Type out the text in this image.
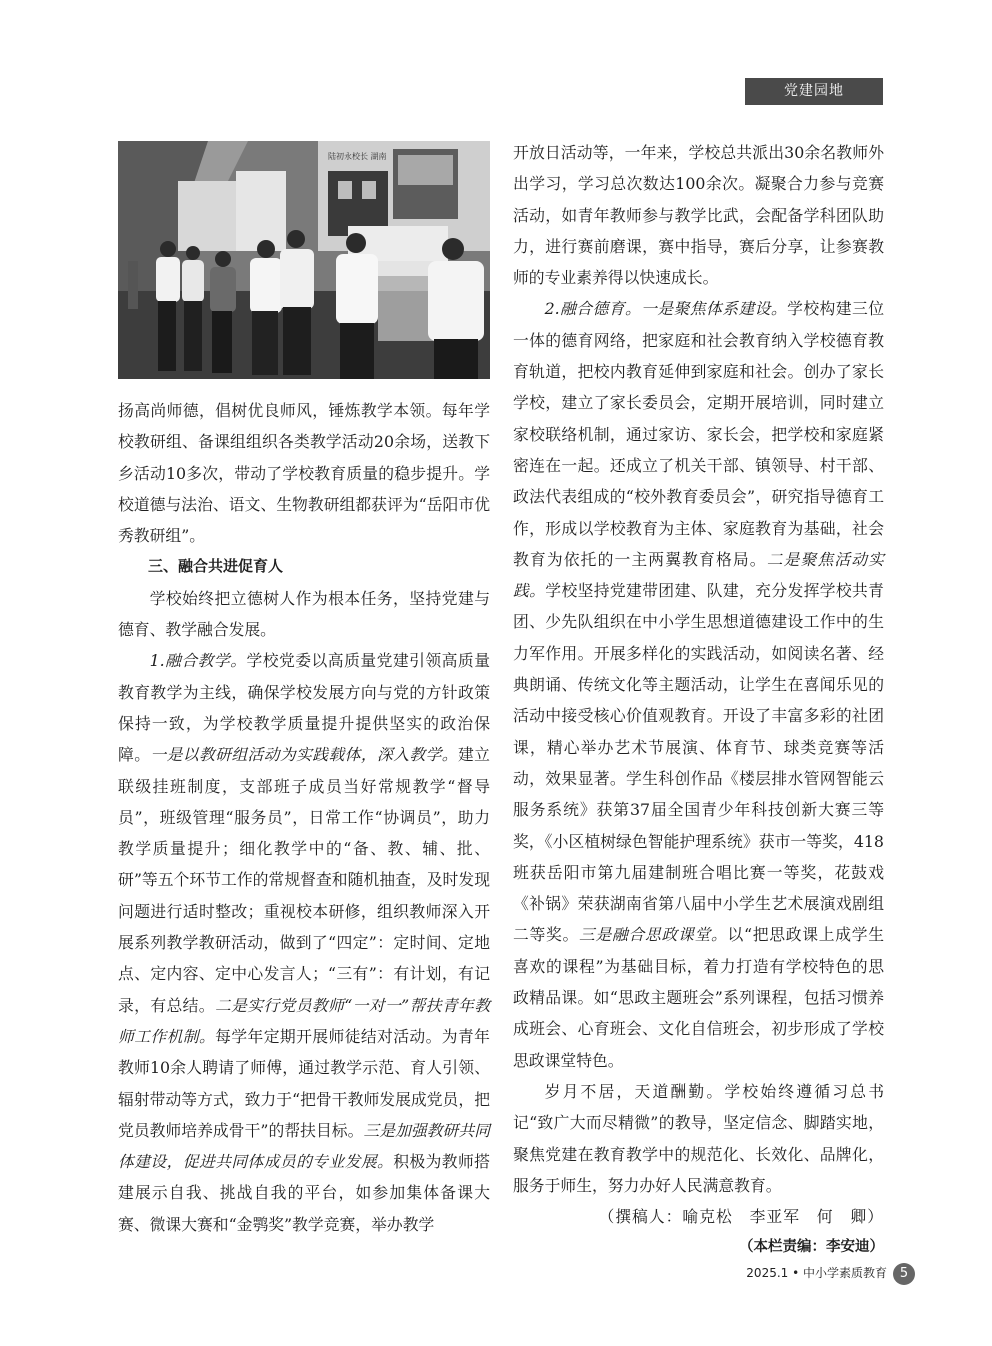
党建园地
陆初永校长 湖南

扬高尚师德，倡树优良师风，锤炼教学本领。每年学校教研组、备课组组织各类教学活动20余场，送教下乡活动10多次，带动了学校教育质量的稳步提升。学校道德与法治、语文、生物教研组都获评为“岳阳市优秀教研组”。

三、融合共进促育人

学校始终把立德树人作为根本任务，坚持党建与德育、教学融合发展。

1.融合教学。学校党委以高质量党建引领高质量教育教学为主线，确保学校发展方向与党的方针政策保持一致，为学校教学质量提升提供坚实的政治保障。一是以教研组活动为实践载体，深入教学。建立联级挂班制度，支部班子成员当好常规教学“督导员”，班级管理“服务员”，日常工作“协调员”，助力教学质量提升；细化教学中的“备、教、辅、批、研”等五个环节工作的常规督查和随机抽查，及时发现问题进行适时整改；重视校本研修，组织教师深入开展系列教学教研活动，做到了“四定”：定时间、定地点、定内容、定中心发言人；“三有”：有计划，有记录，有总结。二是实行党员教师“一对一”帮扶青年教师工作机制。每学年定期开展师徒结对活动。为青年教师10余人聘请了师傅，通过教学示范、育人引领、辐射带动等方式，致力于“把骨干教师发展成党员，把党员教师培养成骨干”的帮扶目标。三是加强教研共同体建设，促进共同体成员的专业发展。积极为教师搭建展示自我、挑战自我的平台，如参加集体备课大赛、微课大赛和“金鹗奖”教学竞赛，举办教学

开放日活动等，一年来，学校总共派出30余名教师外出学习，学习总次数达100余次。凝聚合力参与竞赛活动，如青年教师参与教学比武，会配备学科团队助力，进行赛前磨课，赛中指导，赛后分享，让参赛教师的专业素养得以快速成长。

2.融合德育。一是聚焦体系建设。学校构建三位一体的德育网络，把家庭和社会教育纳入学校德育教育轨道，把校内教育延伸到家庭和社会。创办了家长学校，建立了家长委员会，定期开展培训，同时建立家校联络机制，通过家访、家长会，把学校和家庭紧密连在一起。还成立了机关干部、镇领导、村干部、政法代表组成的“校外教育委员会”，研究指导德育工作，形成以学校教育为主体、家庭教育为基础，社会教育为依托的一主两翼教育格局。二是聚焦活动实践。学校坚持党建带团建、队建，充分发挥学校共青团、少先队组织在中小学生思想道德建设工作中的生力军作用。开展多样化的实践活动，如阅读名著、经典朗诵、传统文化等主题活动，让学生在喜闻乐见的活动中接受核心价值观教育。开设了丰富多彩的社团课，精心举办艺术节展演、体育节、球类竞赛等活动，效果显著。学生科创作品《楼层排水管网智能云服务系统》获第37届全国青少年科技创新大赛三等奖，《小区植树绿色智能护理系统》获市一等奖，418班获岳阳市第九届建制班合唱比赛一等奖，花鼓戏《补锅》荣获湖南省第八届中小学生艺术展演戏剧组二等奖。三是融合思政课堂。以“把思政课上成学生喜欢的课程”为基础目标，着力打造有学校特色的思政精品课。如“思政主题班会”系列课程，包括习惯养成班会、心育班会、文化自信班会，初步形成了学校思政课堂特色。

岁月不居，天道酬勤。学校始终遵循习总书记“致广大而尽精微”的教导，坚定信念、脚踏实地，聚焦党建在教育教学中的规范化、长效化、品牌化，服务于师生，努力办好人民满意教育。

（撰稿人：喻克松　李亚军　何　卿）

（本栏责编：李安迪）

2025.1 • 中小学素质教育 5
